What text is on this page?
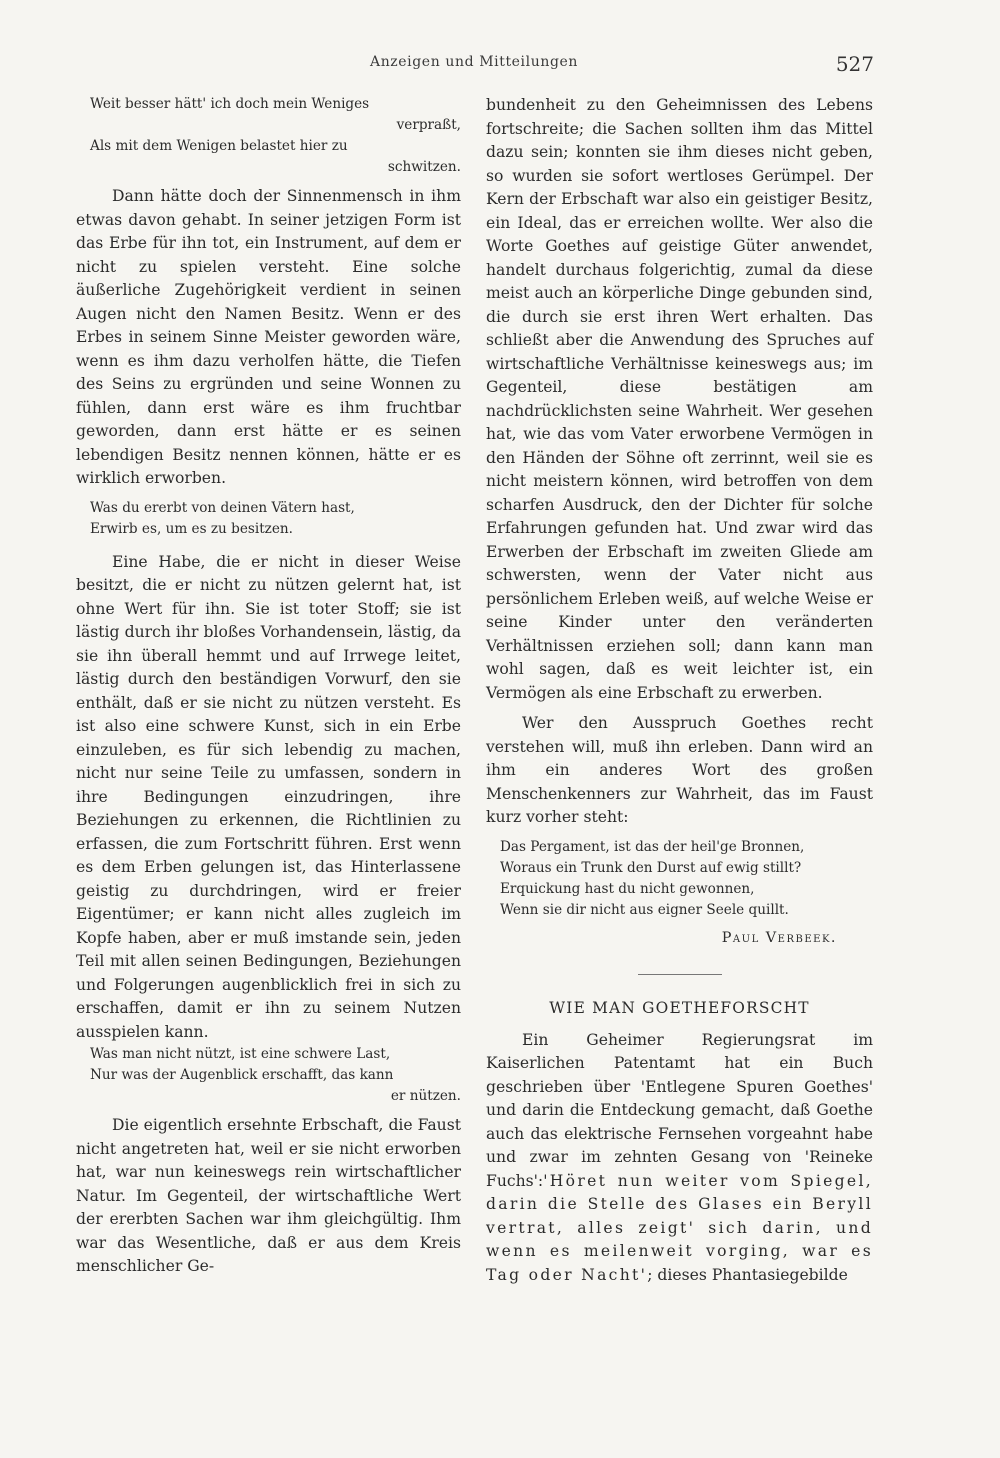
Anzeigen und Mitteilungen	527
Weit besser hätt' ich doch mein Weniges
verpraßt,
Als mit dem Wenigen belastet hier zu
schwitzen.

Dann hätte doch der Sinnenmensch in ihm etwas davon gehabt. In seiner jetzigen Form ist das Erbe für ihn tot, ein Instrument, auf dem er nicht zu spielen versteht. Eine solche äußerliche Zugehörigkeit verdient in seinen Augen nicht den Namen Besitz. Wenn er des Erbes in seinem Sinne Meister geworden wäre, wenn es ihm dazu verholfen hätte, die Tiefen des Seins zu ergründen und seine Wonnen zu fühlen, dann erst wäre es ihm fruchtbar geworden, dann erst hätte er es seinen lebendigen Besitz nennen können, hätte er es wirklich erworben.

Was du ererbt von deinen Vätern hast,
Erwirb es, um es zu besitzen.

Eine Habe, die er nicht in dieser Weise besitzt, die er nicht zu nützen gelernt hat, ist ohne Wert für ihn. Sie ist toter Stoff; sie ist lästig durch ihr bloßes Vorhandensein, lästig, da sie ihn überall hemmt und auf Irrwege leitet, lästig durch den beständigen Vorwurf, den sie enthält, daß er sie nicht zu nützen versteht. Es ist also eine schwere Kunst, sich in ein Erbe einzuleben, es für sich lebendig zu machen, nicht nur seine Teile zu umfassen, sondern in ihre Bedingungen einzudringen, ihre Beziehungen zu erkennen, die Richtlinien zu erfassen, die zum Fortschritt führen. Erst wenn es dem Erben gelungen ist, das Hinterlassene geistig zu durchdringen, wird er freier Eigentümer; er kann nicht alles zugleich im Kopfe haben, aber er muß imstande sein, jeden Teil mit allen seinen Bedingungen, Beziehungen und Folgerungen augenblicklich frei in sich zu erschaffen, damit er ihn zu seinem Nutzen ausspielen kann.

Was man nicht nützt, ist eine schwere Last,
Nur was der Augenblick erschafft, das kann
er nützen.

Die eigentlich ersehnte Erbschaft, die Faust nicht angetreten hat, weil er sie nicht erworben hat, war nun keineswegs rein wirtschaftlicher Natur. Im Gegenteil, der wirtschaftliche Wert der ererbten Sachen war ihm gleichgültig. Ihm war das Wesentliche, daß er aus dem Kreis menschlicher Ge-

bundenheit zu den Geheimnissen des Lebens fortschreite; die Sachen sollten ihm das Mittel dazu sein; konnten sie ihm dieses nicht geben, so wurden sie sofort wertloses Gerümpel. Der Kern der Erbschaft war also ein geistiger Besitz, ein Ideal, das er erreichen wollte. Wer also die Worte Goethes auf geistige Güter anwendet, handelt durchaus folgerichtig, zumal da diese meist auch an körperliche Dinge gebunden sind, die durch sie erst ihren Wert erhalten. Das schließt aber die Anwendung des Spruches auf wirtschaftliche Verhältnisse keineswegs aus; im Gegenteil, diese bestätigen am nachdrücklichsten seine Wahrheit. Wer gesehen hat, wie das vom Vater erworbene Vermögen in den Händen der Söhne oft zerrinnt, weil sie es nicht meistern können, wird betroffen von dem scharfen Ausdruck, den der Dichter für solche Erfahrungen gefunden hat. Und zwar wird das Erwerben der Erbschaft im zweiten Gliede am schwersten, wenn der Vater nicht aus persönlichem Erleben weiß, auf welche Weise er seine Kinder unter den veränderten Verhältnissen erziehen soll; dann kann man wohl sagen, daß es weit leichter ist, ein Vermögen als eine Erbschaft zu erwerben.

Wer den Ausspruch Goethes recht verstehen will, muß ihn erleben. Dann wird an ihm ein anderes Wort des großen Menschenkenners zur Wahrheit, das im Faust kurz vorher steht:

Das Pergament, ist das der heil'ge Bronnen,
Woraus ein Trunk den Durst auf ewig stillt?
Erquickung hast du nicht gewonnen,
Wenn sie dir nicht aus eigner Seele quillt.

Paul Verbeek.

WIE MAN GOETHEFORSCHT

Ein Geheimer Regierungsrat im Kaiserlichen Patentamt hat ein Buch geschrieben über 'Entlegene Spuren Goethes' und darin die Entdeckung gemacht, daß Goethe auch das elektrische Fernsehen vorgeahnt habe und zwar im zehnten Gesang von 'Reineke Fuchs':'Höret nun weiter vom Spiegel, darin die Stelle des Glases ein Beryll vertrat, alles zeigt' sich darin, und wenn es meilenweit vorging, war es Tag oder Nacht'; dieses Phantasiegebilde
